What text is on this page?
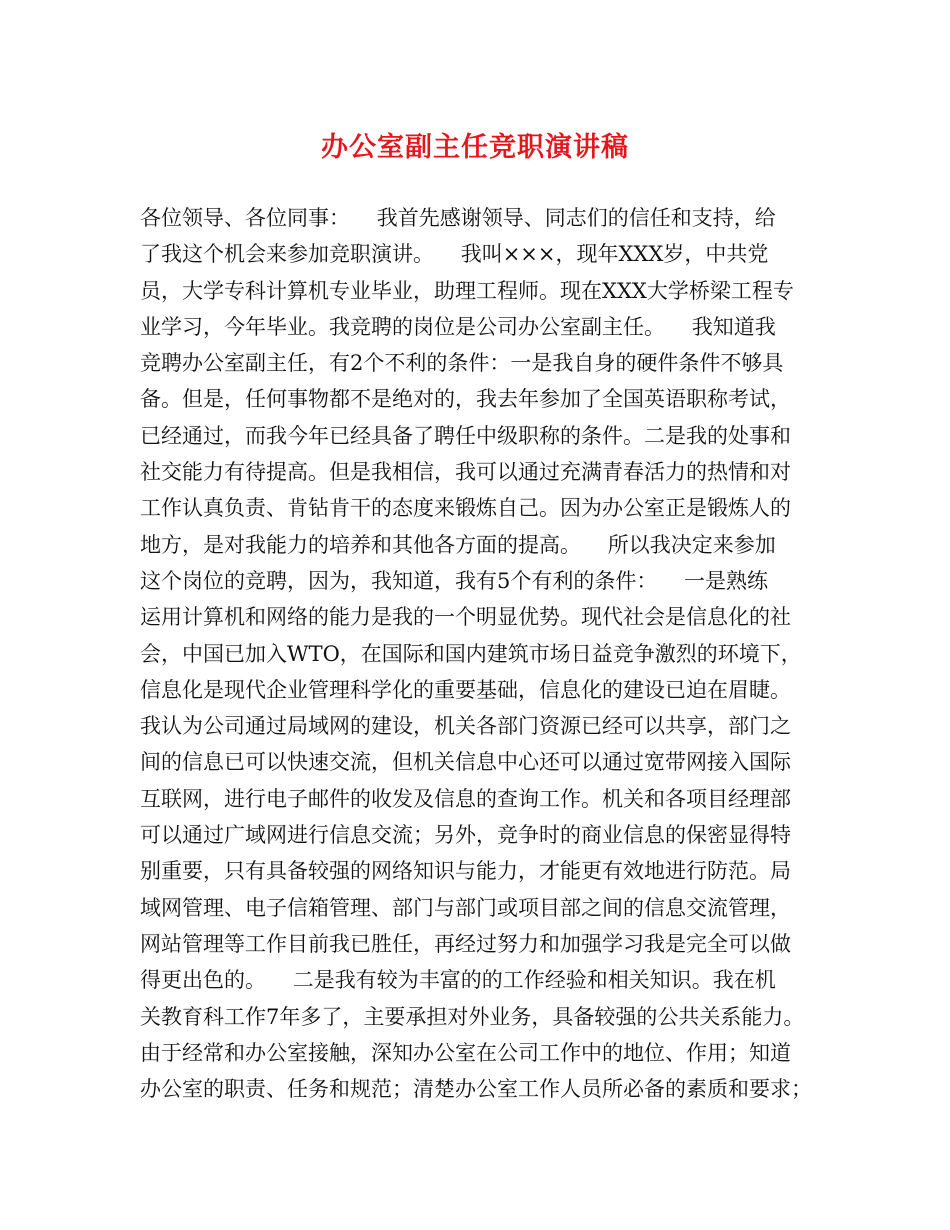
办公室副主任竞职演讲稿
各位领导、各位同事：    我首先感谢领导、同志们的信任和支持，给
了我这个机会来参加竞职演讲。    我叫×××，现年XXX岁，中共党
员，大学专科计算机专业毕业，助理工程师。现在XXX大学桥梁工程专
业学习，今年毕业。我竞聘的岗位是公司办公室副主任。    我知道我
竞聘办公室副主任，有2个不利的条件：一是我自身的硬件条件不够具
备。但是，任何事物都不是绝对的，我去年参加了全国英语职称考试，
已经通过，而我今年已经具备了聘任中级职称的条件。二是我的处事和
社交能力有待提高。但是我相信，我可以通过充满青春活力的热情和对
工作认真负责、肯钻肯干的态度来锻炼自己。因为办公室正是锻炼人的
地方，是对我能力的培养和其他各方面的提高。    所以我决定来参加
这个岗位的竞聘，因为，我知道，我有5个有利的条件：    一是熟练
运用计算机和网络的能力是我的一个明显优势。现代社会是信息化的社
会，中国已加入WTO，在国际和国内建筑市场日益竞争激烈的环境下，
信息化是现代企业管理科学化的重要基础，信息化的建设已迫在眉睫。
我认为公司通过局域网的建设，机关各部门资源已经可以共享，部门之
间的信息已可以快速交流，但机关信息中心还可以通过宽带网接入国际
互联网，进行电子邮件的收发及信息的查询工作。机关和各项目经理部
可以通过广域网进行信息交流；另外，竞争时的商业信息的保密显得特
别重要，只有具备较强的网络知识与能力，才能更有效地进行防范。局
域网管理、电子信箱管理、部门与部门或项目部之间的信息交流管理，
网站管理等工作目前我已胜任，再经过努力和加强学习我是完全可以做
得更出色的。    二是我有较为丰富的的工作经验和相关知识。我在机
关教育科工作7年多了，主要承担对外业务，具备较强的公共关系能力。
由于经常和办公室接触，深知办公室在公司工作中的地位、作用；知道
办公室的职责、任务和规范；清楚办公室工作人员所必备的素质和要求；
